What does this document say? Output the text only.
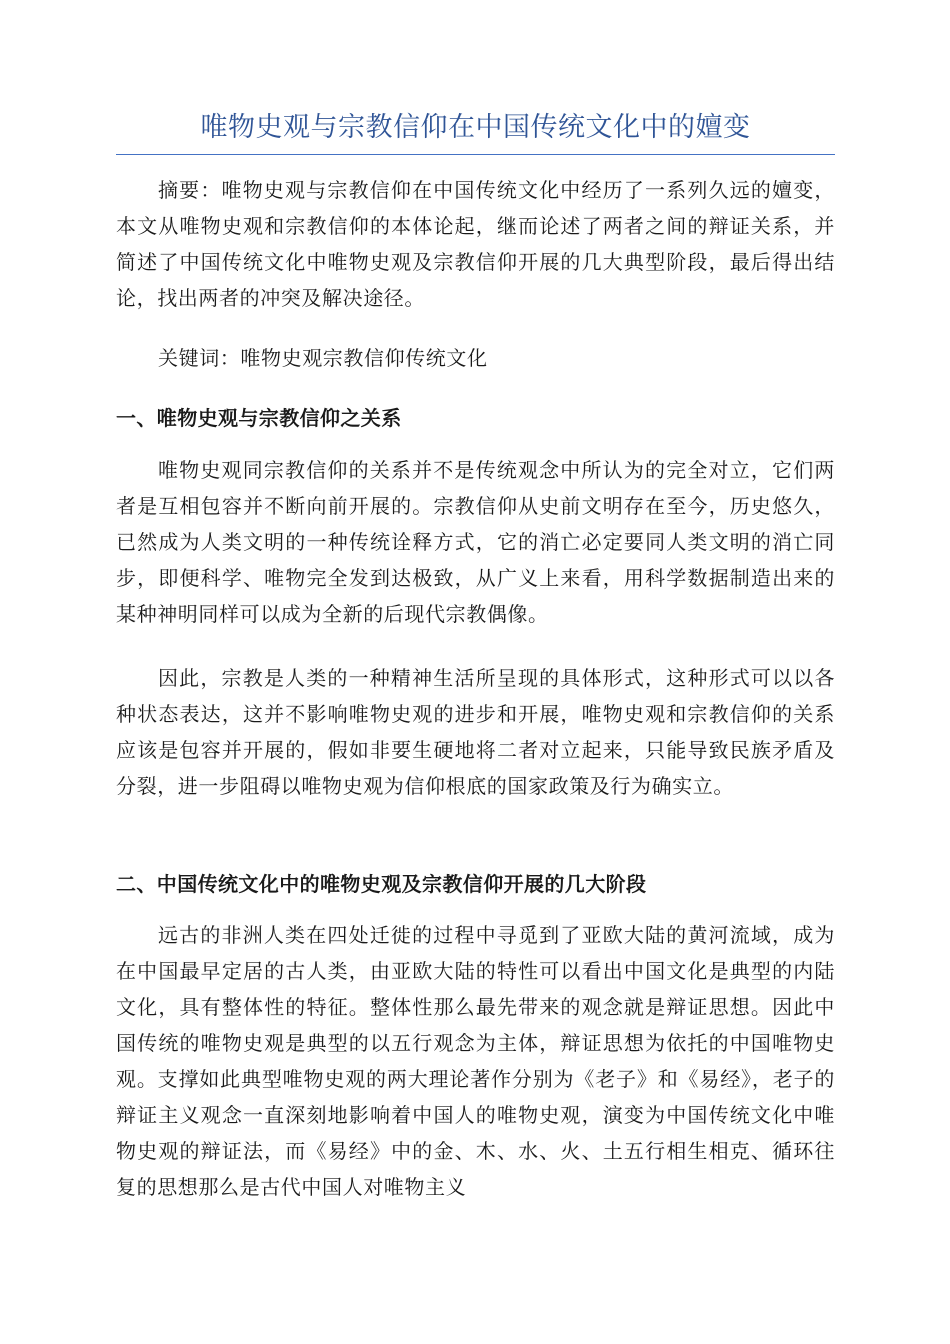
唯物史观与宗教信仰在中国传统文化中的嬗变

摘要：唯物史观与宗教信仰在中国传统文化中经历了一系列久远的嬗变，本文从唯物史观和宗教信仰的本体论起，继而论述了两者之间的辩证关系，并简述了中国传统文化中唯物史观及宗教信仰开展的几大典型阶段，最后得出结论，找出两者的冲突及解决途径。

关键词：唯物史观宗教信仰传统文化

一、唯物史观与宗教信仰之关系

唯物史观同宗教信仰的关系并不是传统观念中所认为的完全对立，它们两者是互相包容并不断向前开展的。宗教信仰从史前文明存在至今，历史悠久，已然成为人类文明的一种传统诠释方式，它的消亡必定要同人类文明的消亡同步，即便科学、唯物完全发到达极致，从广义上来看，用科学数据制造出来的某种神明同样可以成为全新的后现代宗教偶像。

因此，宗教是人类的一种精神生活所呈现的具体形式，这种形式可以以各种状态表达，这并不影响唯物史观的进步和开展，唯物史观和宗教信仰的关系应该是包容并开展的，假如非要生硬地将二者对立起来，只能导致民族矛盾及分裂，进一步阻碍以唯物史观为信仰根底的国家政策及行为确实立。

二、中国传统文化中的唯物史观及宗教信仰开展的几大阶段

远古的非洲人类在四处迁徙的过程中寻觅到了亚欧大陆的黄河流域，成为在中国最早定居的古人类，由亚欧大陆的特性可以看出中国文化是典型的内陆文化，具有整体性的特征。整体性那么最先带来的观念就是辩证思想。因此中国传统的唯物史观是典型的以五行观念为主体，辩证思想为依托的中国唯物史观。支撑如此典型唯物史观的两大理论著作分别为《老子》和《易经》，老子的辩证主义观念一直深刻地影响着中国人的唯物史观，演变为中国传统文化中唯物史观的辩证法，而《易经》中的金、木、水、火、土五行相生相克、循环往复的思想那么是古代中国人对唯物主义
